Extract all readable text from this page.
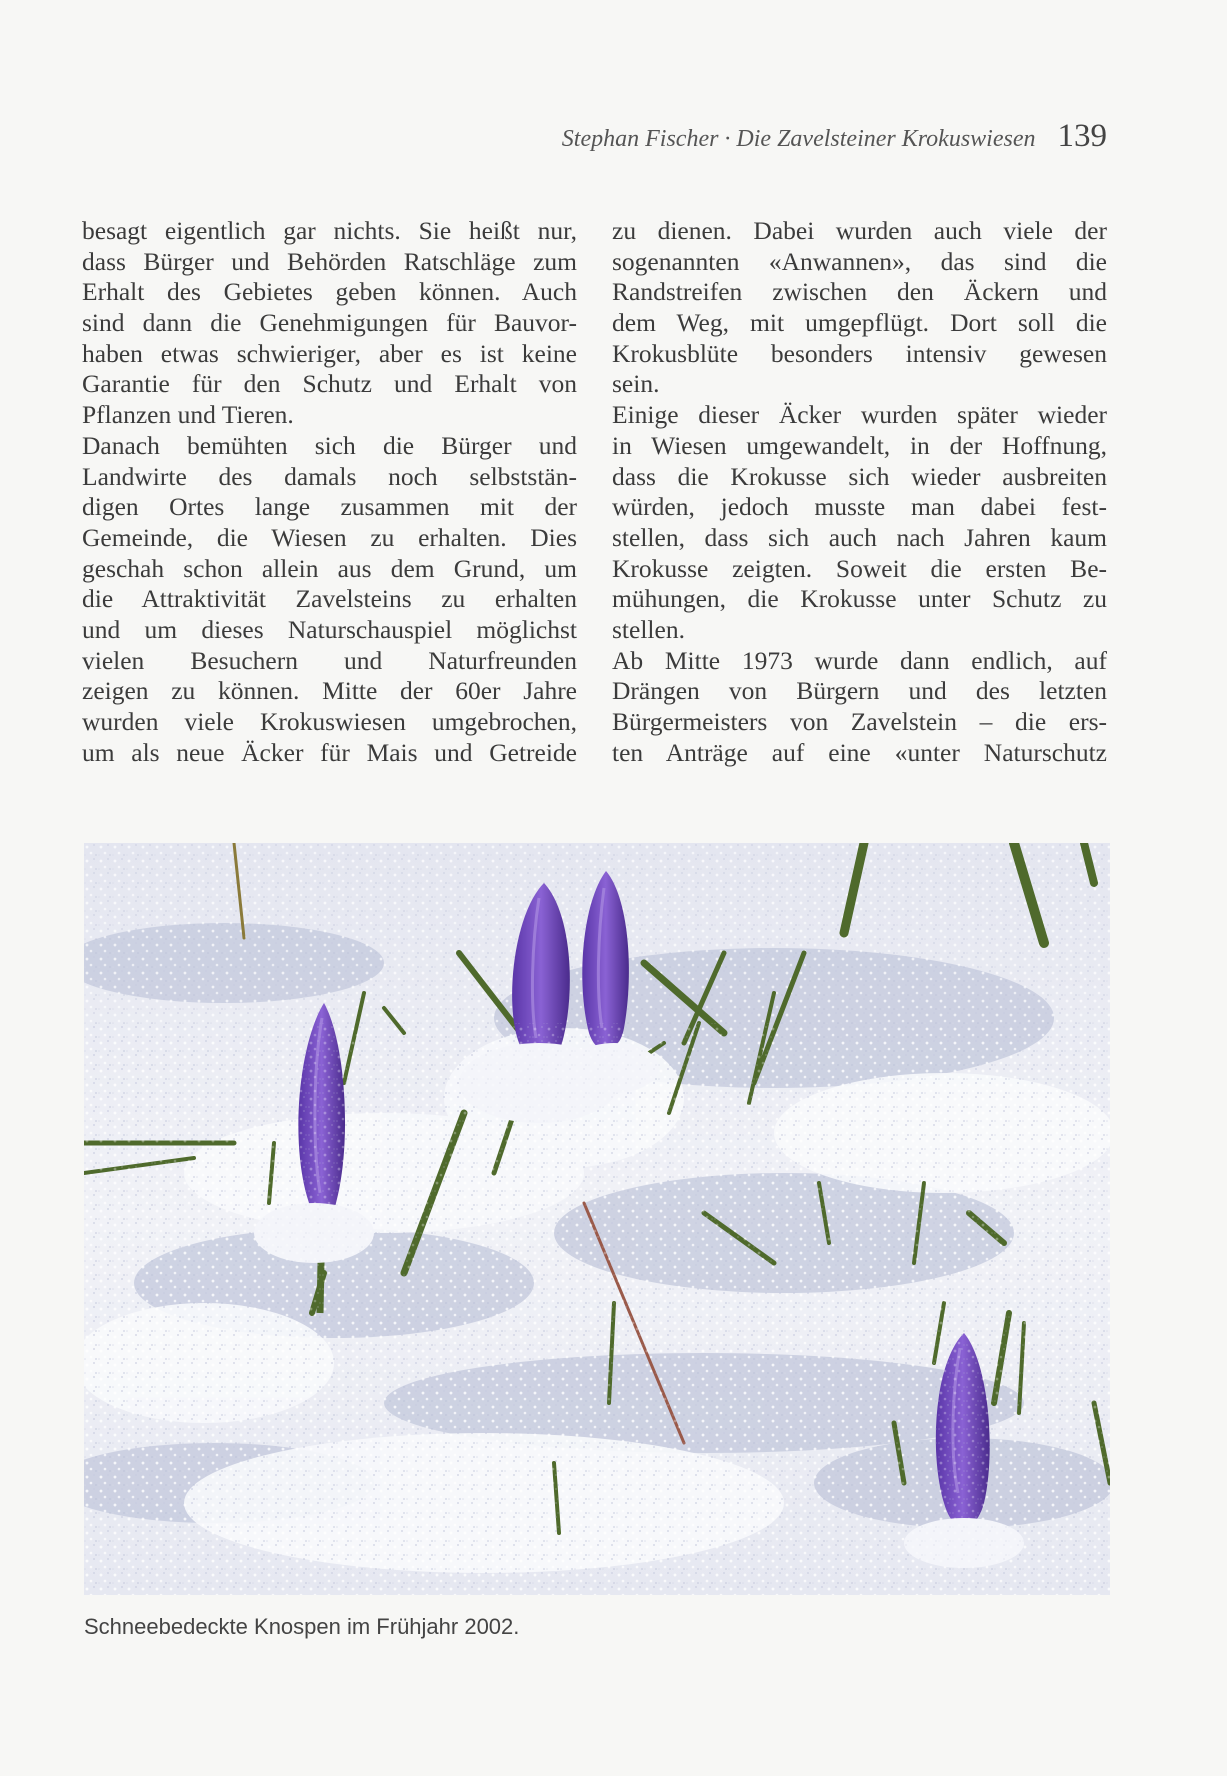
Stephan Fischer · Die Zavelsteiner Krokuswiesen 139
besagt eigentlich gar nichts. Sie heißt nur,
dass Bürger und Behörden Ratschläge zum
Erhalt des Gebietes geben können. Auch
sind dann die Genehmigungen für Bauvor-
haben etwas schwieriger, aber es ist keine
Garantie für den Schutz und Erhalt von
Pflanzen und Tieren.
Danach bemühten sich die Bürger und
Landwirte des damals noch selbststän-
digen Ortes lange zusammen mit der
Gemeinde, die Wiesen zu erhalten. Dies
geschah schon allein aus dem Grund, um
die Attraktivität Zavelsteins zu erhalten
und um dieses Naturschauspiel möglichst
vielen Besuchern und Naturfreunden
zeigen zu können. Mitte der 60er Jahre
wurden viele Krokuswiesen umgebrochen,
um als neue Äcker für Mais und Getreide
zu dienen. Dabei wurden auch viele der
sogenannten «Anwannen», das sind die
Randstreifen zwischen den Äckern und
dem Weg, mit umgepflügt. Dort soll die
Krokusblüte besonders intensiv gewesen
sein.
Einige dieser Äcker wurden später wieder
in Wiesen umgewandelt, in der Hoffnung,
dass die Krokusse sich wieder ausbreiten
würden, jedoch musste man dabei fest-
stellen, dass sich auch nach Jahren kaum
Krokusse zeigten. Soweit die ersten Be-
mühungen, die Krokusse unter Schutz zu
stellen.
Ab Mitte 1973 wurde dann endlich, auf
Drängen von Bürgern und des letzten
Bürgermeisters von Zavelstein – die ers-
ten Anträge auf eine «unter Naturschutz
Schneebedeckte Knospen im Frühjahr 2002.
